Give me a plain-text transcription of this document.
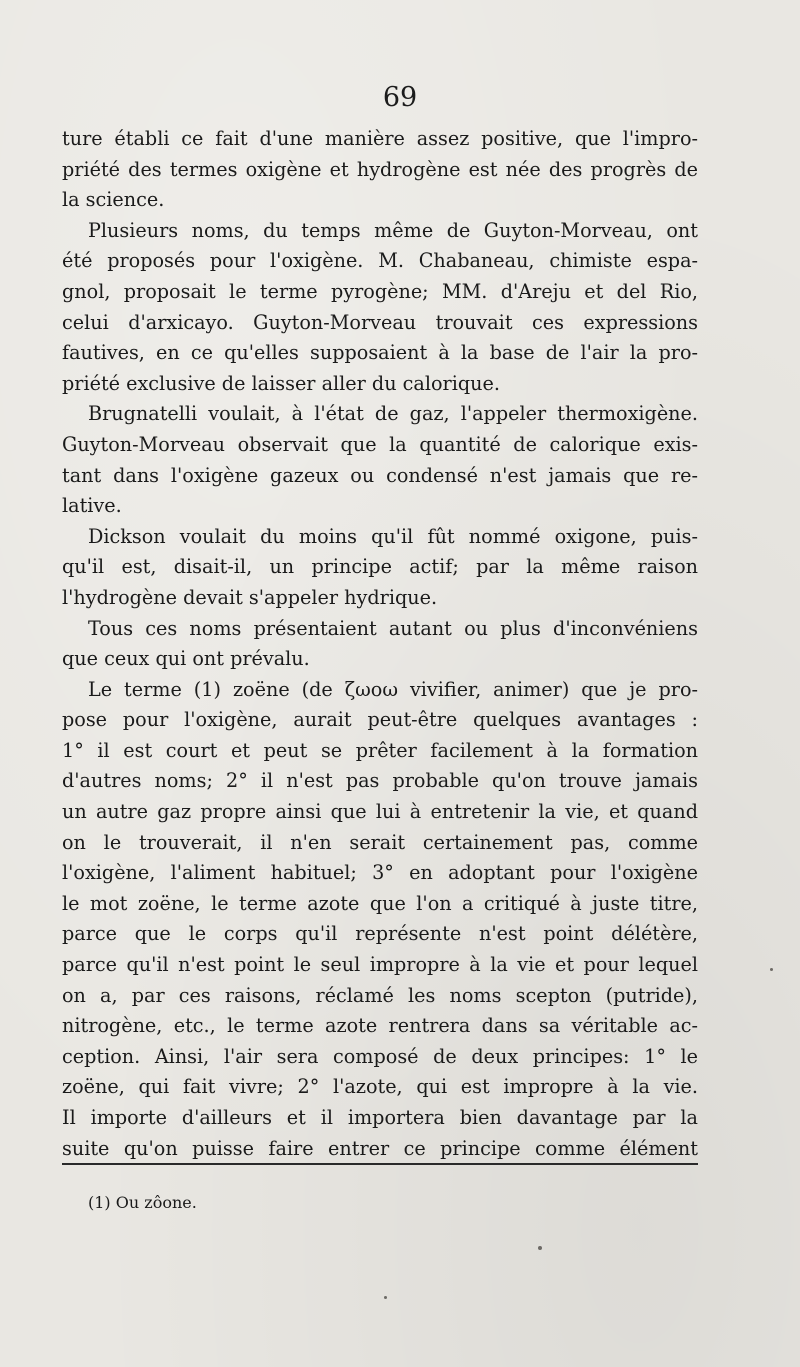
69
ture établi ce fait d'une manière assez positive, que l'impro-
priété des termes oxigène et hydrogène est née des progrès de
la science.
Plusieurs noms, du temps même de Guyton-Morveau, ont
été proposés pour l'oxigène. M. Chabaneau, chimiste espa-
gnol, proposait le terme pyrogène; MM. d'Areju et del Rio,
celui d'arxicayo. Guyton-Morveau trouvait ces expressions
fautives, en ce qu'elles supposaient à la base de l'air la pro-
priété exclusive de laisser aller du calorique.
Brugnatelli voulait, à l'état de gaz, l'appeler thermoxigène.
Guyton-Morveau observait que la quantité de calorique exis-
tant dans l'oxigène gazeux ou condensé n'est jamais que re-
lative.
Dickson voulait du moins qu'il fût nommé oxigone, puis-
qu'il est, disait-il, un principe actif; par la même raison
l'hydrogène devait s'appeler hydrique.
Tous ces noms présentaient autant ou plus d'inconvéniens
que ceux qui ont prévalu.
Le terme (1) zoëne (de ζωοω vivifier, animer) que je pro-
pose pour l'oxigène, aurait peut-être quelques avantages :
1° il est court et peut se prêter facilement à la formation
d'autres noms; 2° il n'est pas probable qu'on trouve jamais
un autre gaz propre ainsi que lui à entretenir la vie, et quand
on le trouverait, il n'en serait certainement pas, comme
l'oxigène, l'aliment habituel; 3° en adoptant pour l'oxigène
le mot zoëne, le terme azote que l'on a critiqué à juste titre,
parce que le corps qu'il représente n'est point délétère,
parce qu'il n'est point le seul impropre à la vie et pour lequel
on a, par ces raisons, réclamé les noms scepton (putride),
nitrogène, etc., le terme azote rentrera dans sa véritable ac-
ception. Ainsi, l'air sera composé de deux principes: 1° le
zoëne, qui fait vivre; 2° l'azote, qui est impropre à la vie.
Il importe d'ailleurs et il importera bien davantage par la
suite qu'on puisse faire entrer ce principe comme élément
(1) Ou zôone.
